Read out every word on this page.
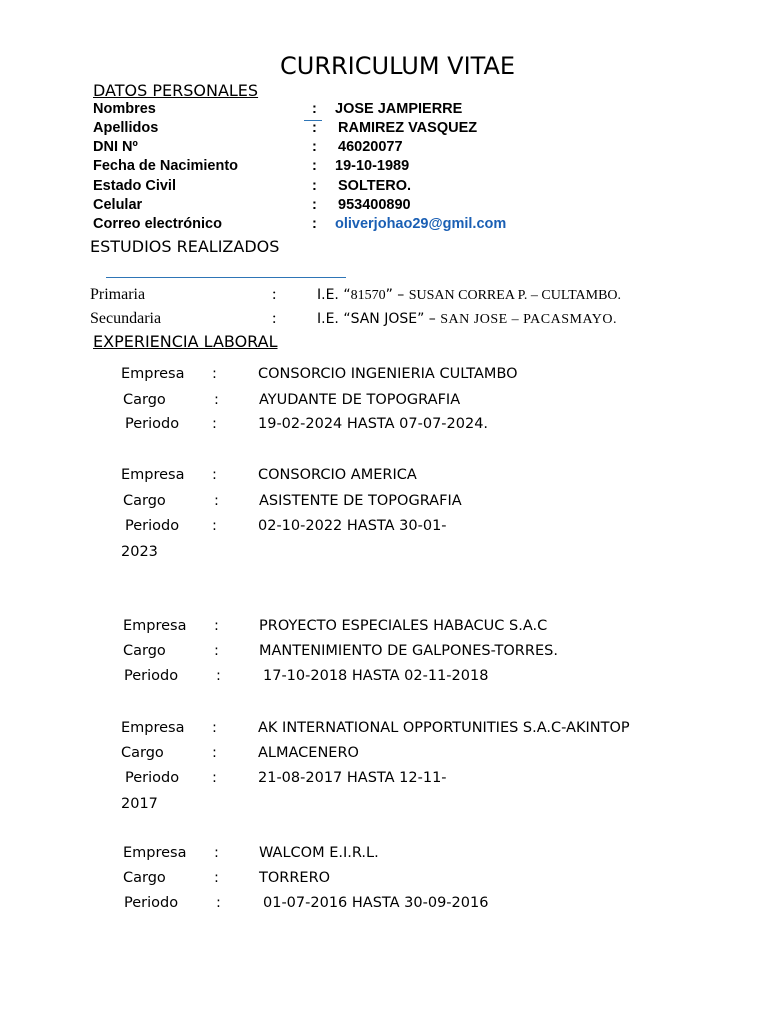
CURRICULUM VITAE
DATOS PERSONALES
Nombres	: JOSE JAMPIERRE
Apellidos	: RAMIREZ VASQUEZ
DNI Nº	: 46020077
Fecha de Nacimiento	: 19-10-1989
Estado Civil	: SOLTERO.
Celular	: 953400890
Correo electrónico	: oliverjohao29@gmil.com
ESTUDIOS REALIZADOS
Primaria	:	I.E. “81570” – SUSAN CORREA P. – CULTAMBO.
Secundaria	:	I.E. “SAN JOSE” – SAN JOSE – PACASMAYO.
EXPERIENCIA LABORAL
Empresa :	CONSORCIO INGENIERIA CULTAMBO
Cargo	:	AYUDANTE DE TOPOGRAFIA
Periodo :	19-02-2024 HASTA 07-07-2024.
Empresa :	CONSORCIO AMERICA
Cargo	:	ASISTENTE DE TOPOGRAFIA
Periodo :	02-10-2022 HASTA 30-01-
2023
Empresa :	PROYECTO ESPECIALES HABACUC S.A.C
Cargo	:	MANTENIMIENTO DE GALPONES-TORRES.
Periodo	:	17-10-2018 HASTA 02-11-2018
Empresa :	AK INTERNATIONAL OPPORTUNITIES S.A.C-AKINTOP
Cargo	:	ALMACENERO
Periodo :	21-08-2017 HASTA 12-11-
2017
Empresa :	WALCOM E.I.R.L.
Cargo	:	TORRERO
Periodo	:	01-07-2016 HASTA 30-09-2016
